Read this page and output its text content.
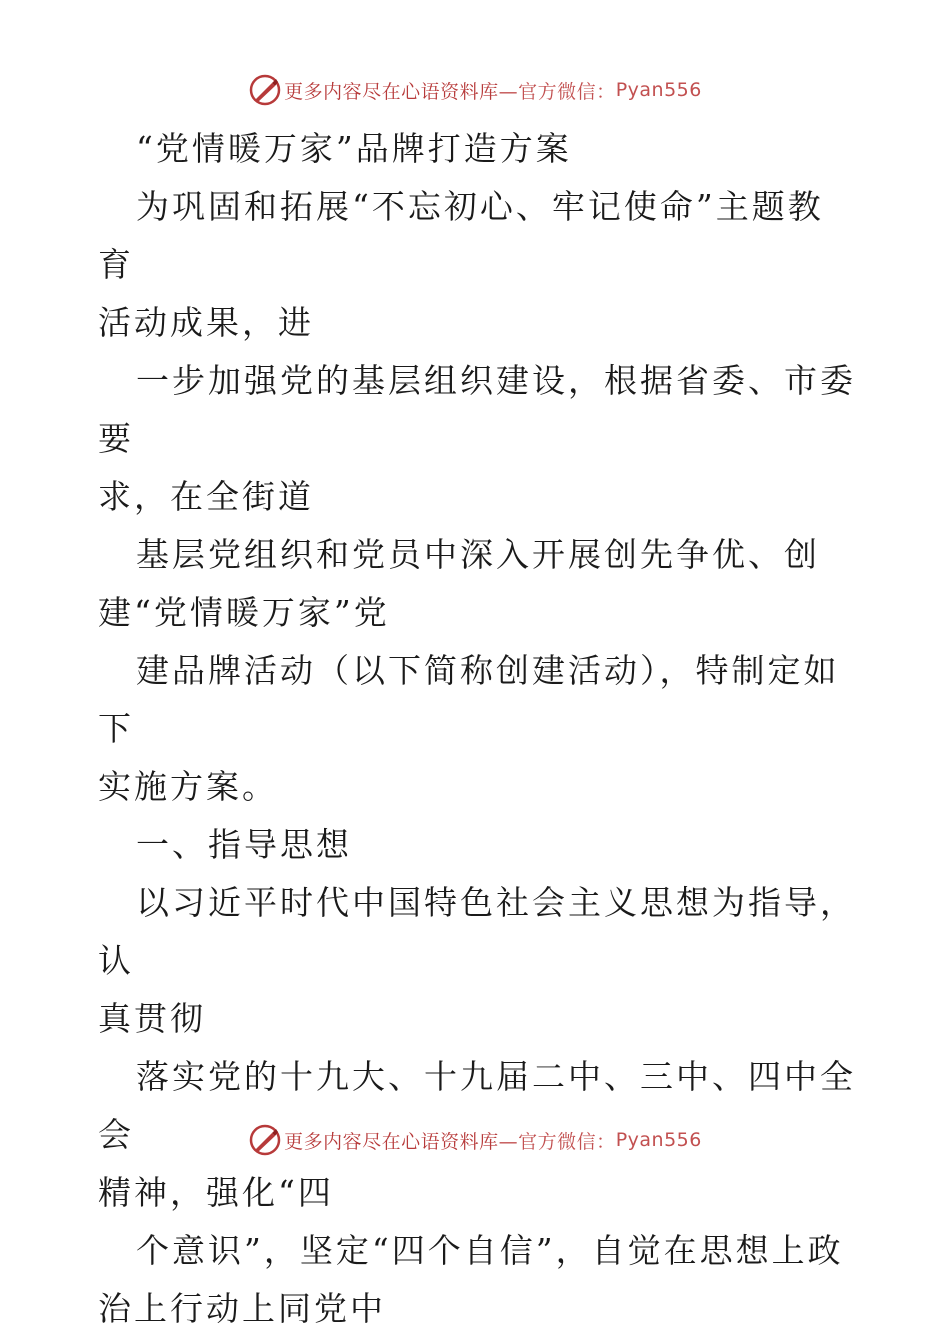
更多内容尽在心语资料库 —官方微信： Pyan556

“党情暖万家”品牌打造方案

为巩固和拓展“不忘初心、牢记使命”主题教育

活动成果，进

一步加强党的基层组织建设，根据省委、市委要

求，在全街道

基层党组织和党员中深入开展创先争优、创

建“党情暖万家”党

建品牌活动（以下简称创建活动），特制定如下

实施方案。

一、指导思想

以习近平时代中国特色社会主义思想为指导，认

真贯彻

落实党的十九大、十九届二中、三中、四中全会

精神，强化“四

个意识”，坚定“四个自信”，自觉在思想上政

治上行动上同党中

更多内容尽在心语资料库 —官方微信： Pyan556
